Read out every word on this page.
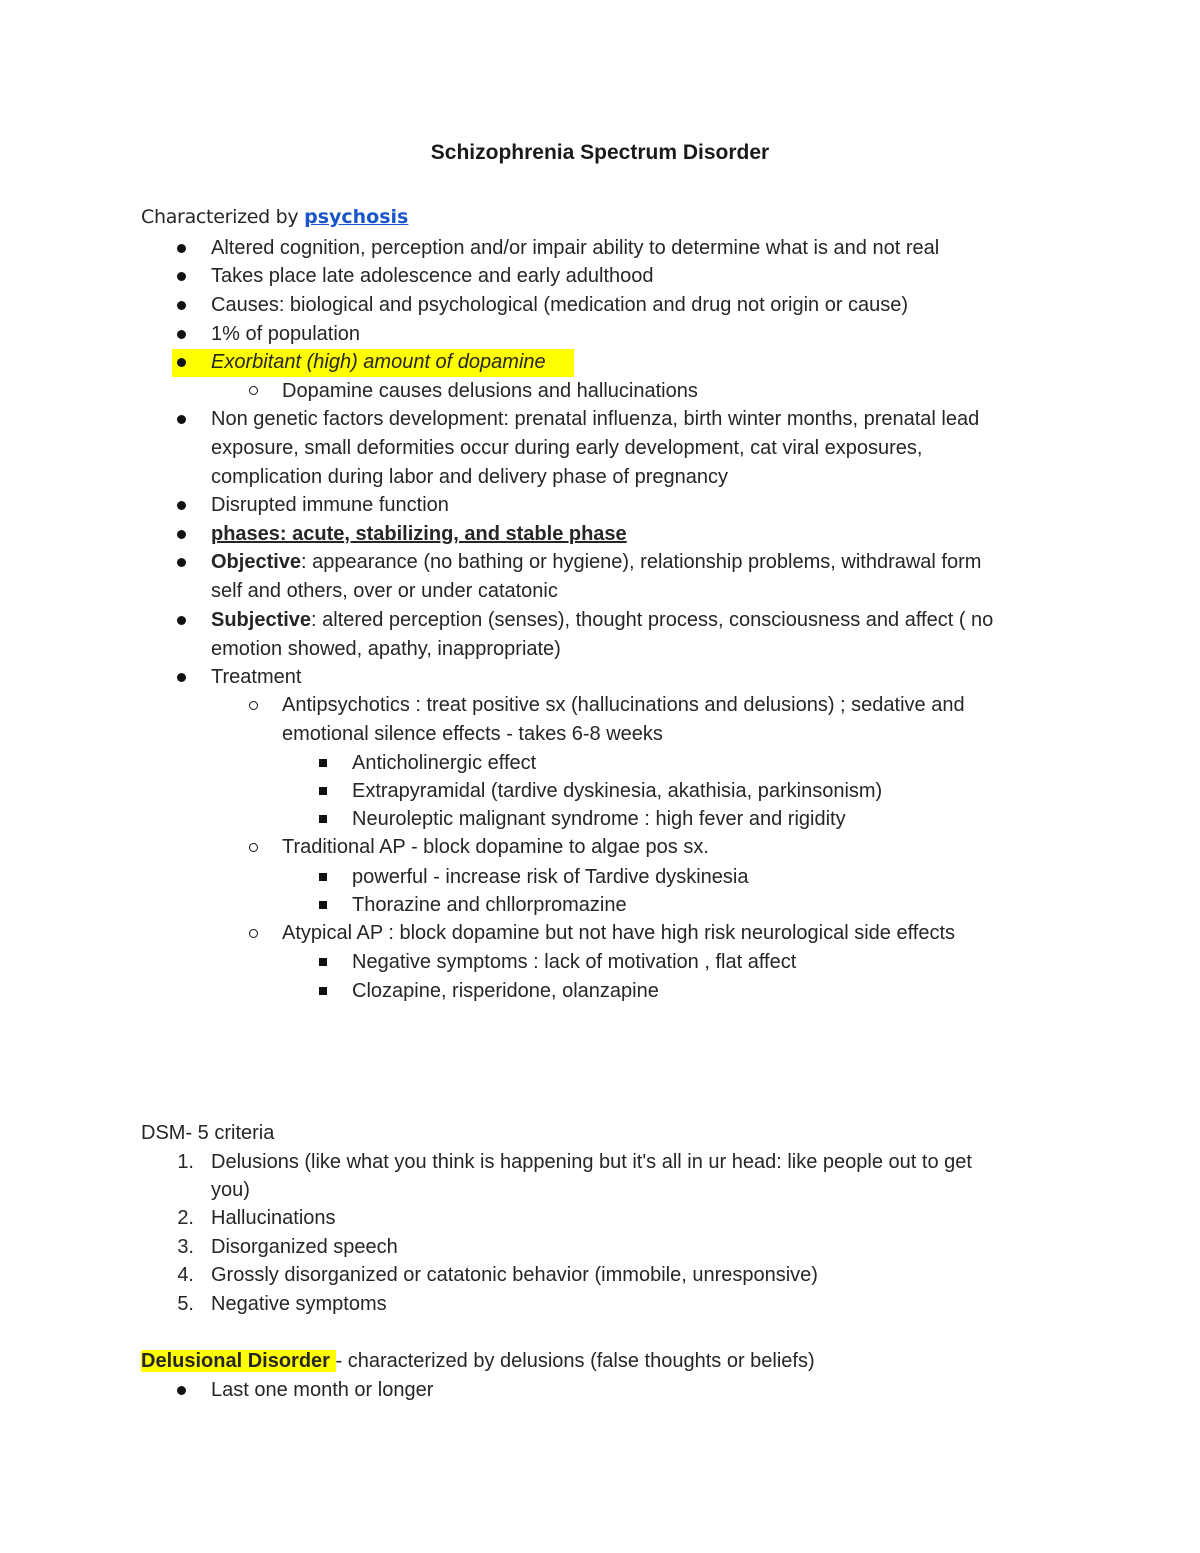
Schizophrenia Spectrum Disorder
Characterized by psychosis
Altered cognition, perception and/or impair ability to determine what is and not real
Takes place late adolescence and early adulthood
Causes: biological and psychological (medication and drug not origin or cause)
1% of population
Exorbitant (high) amount of dopamine
Dopamine causes delusions and hallucinations
Non genetic factors development: prenatal influenza, birth winter months, prenatal lead
exposure, small deformities occur during early development, cat viral exposures,
complication during labor and delivery phase of pregnancy
Disrupted immune function
phases: acute, stabilizing, and stable phase
Objective: appearance (no bathing or hygiene), relationship problems, withdrawal form
self and others, over or under catatonic
Subjective: altered perception (senses), thought process, consciousness and affect ( no
emotion showed, apathy, inappropriate)
Treatment
Antipsychotics : treat positive sx (hallucinations and delusions) ; sedative and
emotional silence effects - takes 6-8 weeks
Anticholinergic effect
Extrapyramidal (tardive dyskinesia, akathisia, parkinsonism)
Neuroleptic malignant syndrome : high fever and rigidity
Traditional AP - block dopamine to algae pos sx.
powerful - increase risk of Tardive dyskinesia
Thorazine and chllorpromazine
Atypical AP : block dopamine but not have high risk neurological side effects
Negative symptoms : lack of motivation , flat affect
Clozapine, risperidone, olanzapine
DSM- 5 criteria
1. Delusions (like what you think is happening but it's all in ur head: like people out to get
you)
2. Hallucinations
3. Disorganized speech
4. Grossly disorganized or catatonic behavior (immobile, unresponsive)
5. Negative symptoms
Delusional Disorder - characterized by delusions (false thoughts or beliefs)
Last one month or longer
